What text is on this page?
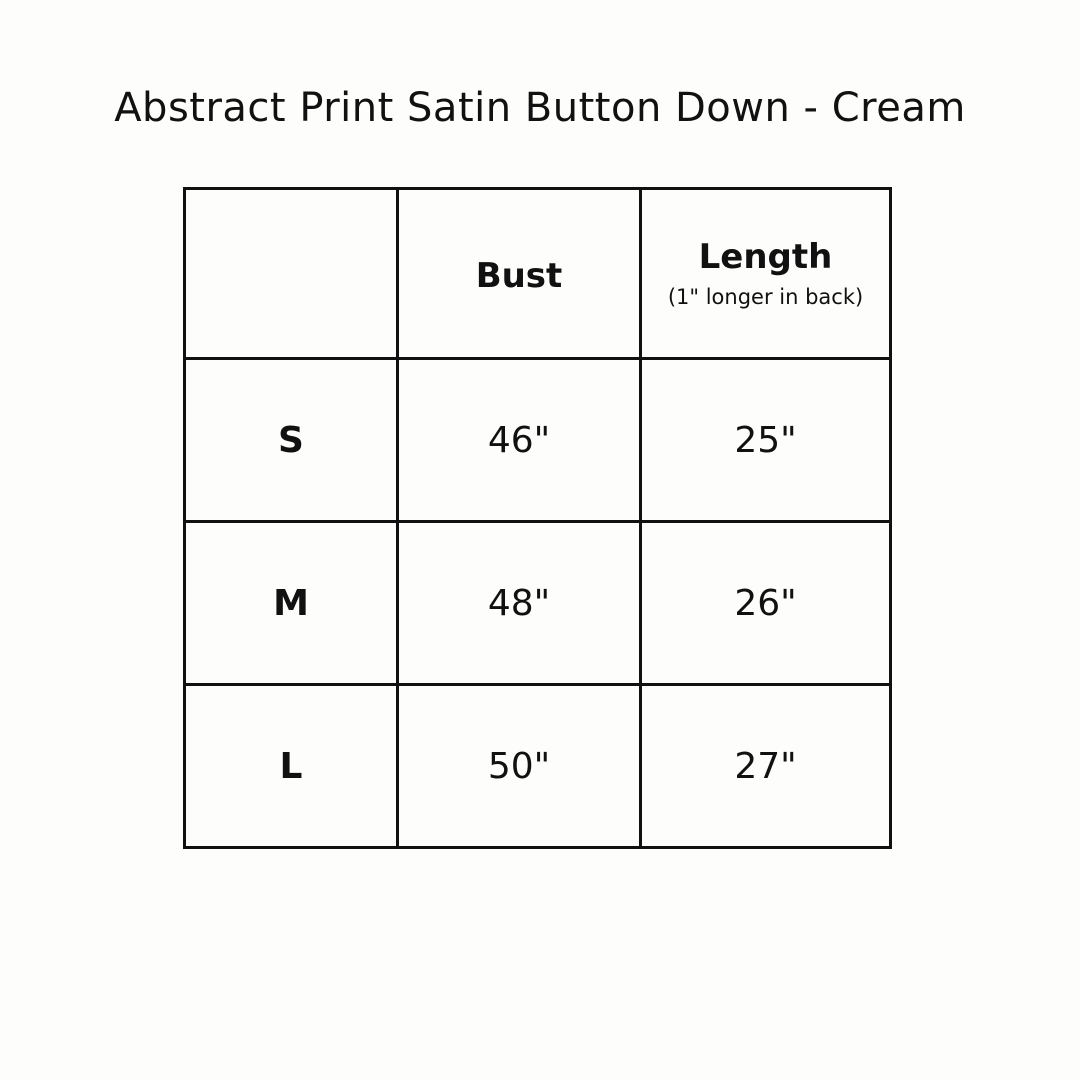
Abstract Print Satin Button Down - Cream

	Bust	Length
(1" longer in back)

S	46"	25"
M	48"	26"
L	50"	27"
